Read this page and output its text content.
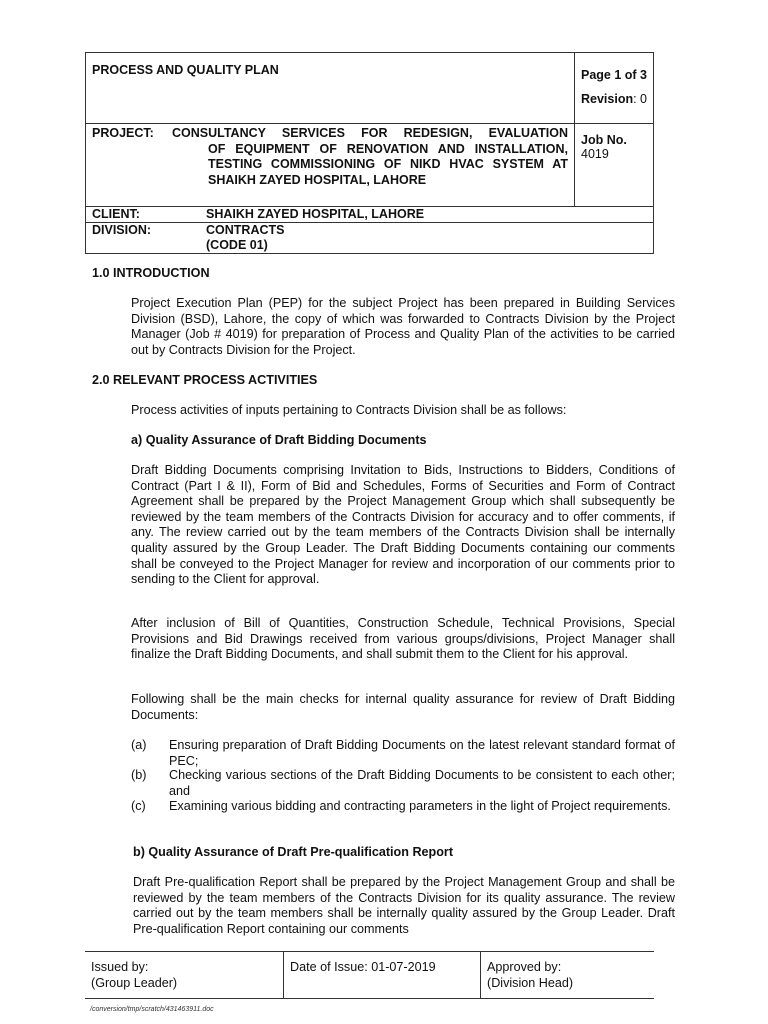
PROCESS AND QUALITY PLAN	Page 1 of 3
Revision: 0

PROJECT: CONSULTANCY SERVICES FOR REDESIGN, EVALUATION
OF EQUIPMENT OF RENOVATION AND INSTALLATION, TESTING COMMISSIONING OF NIKD HVAC SYSTEM AT SHAIKH ZAYED HOSPITAL, LAHORE	Job No. 4019
CLIENT: SHAIKH ZAYED HOSPITAL, LAHORE	
DIVISION: CONTRACTS
(CODE 01)	
1.0 INTRODUCTION

Project Execution Plan (PEP) for the subject Project has been prepared in Building Services Division (BSD), Lahore, the copy of which was forwarded to Contracts Division by the Project Manager (Job # 4019) for preparation of Process and Quality Plan of the activities to be carried out by Contracts Division for the Project.

2.0 RELEVANT PROCESS ACTIVITIES

Process activities of inputs pertaining to Contracts Division shall be as follows:

a) Quality Assurance of Draft Bidding Documents

Draft Bidding Documents comprising Invitation to Bids, Instructions to Bidders, Conditions of Contract (Part I & II), Form of Bid and Schedules, Forms of Securities and Form of Contract Agreement shall be prepared by the Project Management Group which shall subsequently be reviewed by the team members of the Contracts Division for accuracy and to offer comments, if any. The review carried out by the team members of the Contracts Division shall be internally quality assured by the Group Leader. The Draft Bidding Documents containing our comments shall be conveyed to the Project Manager for review and incorporation of our comments prior to sending to the Client for approval.

After inclusion of Bill of Quantities, Construction Schedule, Technical Provisions, Special Provisions and Bid Drawings received from various groups/divisions, Project Manager shall finalize the Draft Bidding Documents, and shall submit them to the Client for his approval.

Following shall be the main checks for internal quality assurance for review of Draft Bidding Documents:

(a) Ensuring preparation of Draft Bidding Documents on the latest relevant standard format of PEC;

(b) Checking various sections of the Draft Bidding Documents to be consistent to each other; and

(c) Examining various bidding and contracting parameters in the light of Project requirements.

b) Quality Assurance of Draft Pre-qualification Report

Draft Pre-qualification Report shall be prepared by the Project Management Group and shall be reviewed by the team members of the Contracts Division for its quality assurance. The review carried out by the team members shall be internally quality assured by the Group Leader. Draft Pre-qualification Report containing our comments

Issued by:
(Group Leader)

Date of Issue: 01-07-2019	Approved by:
(Division Head)
/conversion/tmp/scratch/431463911.doc
